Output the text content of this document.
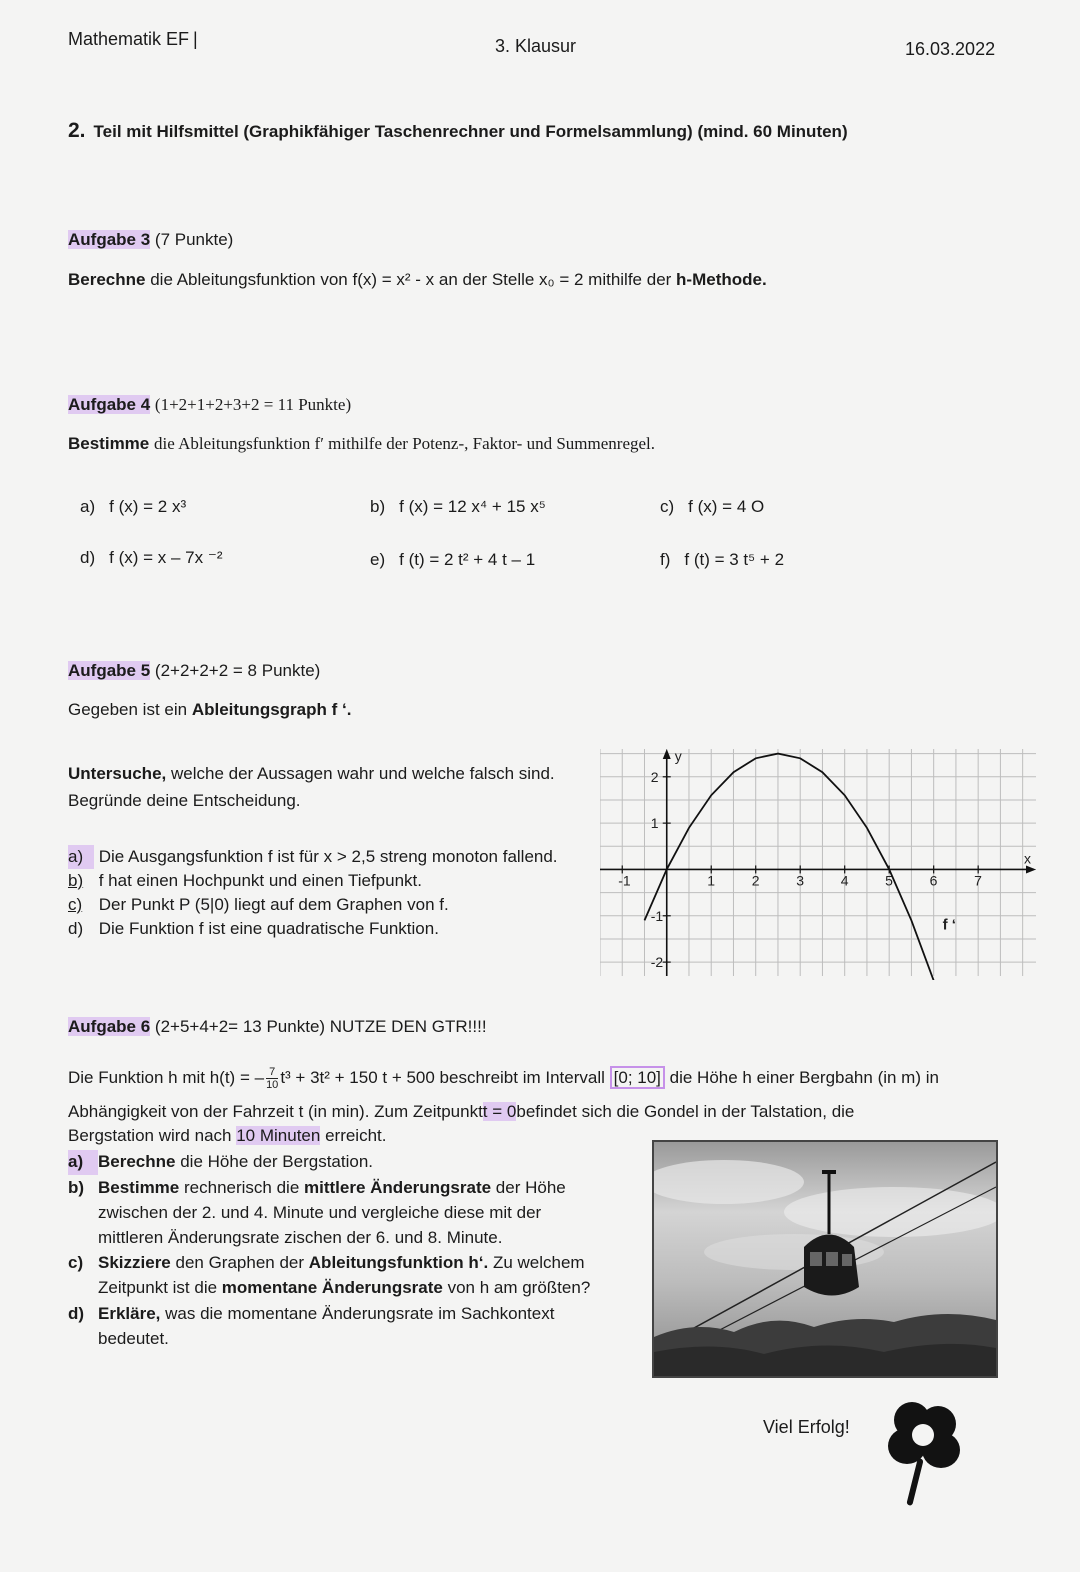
Mathematik EF |	3. Klausur	16.03.2022
2. Teil mit Hilfsmittel (Graphikfähiger Taschenrechner und Formelsammlung) (mind. 60 Minuten)
Aufgabe 3 (7 Punkte)
Berechne die Ableitungsfunktion von f(x) = x² - x an der Stelle x₀ = 2 mithilfe der h-Methode.
Aufgabe 4 (1+2+1+2+3+2 = 11 Punkte)
Bestimme die Ableitungsfunktion f′ mithilfe der Potenz-, Faktor- und Summenregel.
a) f (x) = 2 x³	b) f (x) = 12 x⁴ + 15 x⁵	c) f (x) = 4 O
d) f (x) = x – 7x ⁻²	e) f (t) = 2 t² + 4 t – 1	f) f (t) = 3 t⁵ + 2
Aufgabe 5 (2+2+2+2 = 8 Punkte)
Gegeben ist ein Ableitungsgraph f ‘.
Untersuche, welche der Aussagen wahr und welche falsch sind.
Begründe deine Entscheidung.
a) Die Ausgangsfunktion f ist für x > 2,5 streng monoton fallend.
b) f hat einen Hochpunkt und einen Tiefpunkt.
c) Der Punkt P (5|0) liegt auf dem Graphen von f.
d) Die Funktion f ist eine quadratische Funktion.
x
y
-1	1	2	3	4	5	6	7
2
1
-1
-2
f ‘
Aufgabe 6 (2+5+4+2= 13 Punkte) NUTZE DEN GTR!!!!
Die Funktion h mit h(t) = – $\frac{7}{10} t^3 + 3t^2 + 150$ t + 500 beschreibt im Intervall [0; 10] die Höhe h einer Bergbahn (in m) in
Abhängigkeit von der Fahrzeit t (in min). Zum Zeitpunktt = 0befindet sich die Gondel in der Talstation, die
Bergstation wird nach 10 Minuten erreicht.
a) Berechne die Höhe der Bergstation.
b) Bestimme rechnerisch die mittlere Änderungsrate der Höhe
zwischen der 2. und 4. Minute und vergleiche diese mit der
mittleren Änderungsrate zischen der 6. und 8. Minute.
c) Skizziere den Graphen der Ableitungsfunktion h‘. Zu welchem
Zeitpunkt ist die momentane Änderungsrate von h am größten?
d) Erkläre, was die momentane Änderungsrate im Sachkontext
bedeutet.
Viel Erfolg!
